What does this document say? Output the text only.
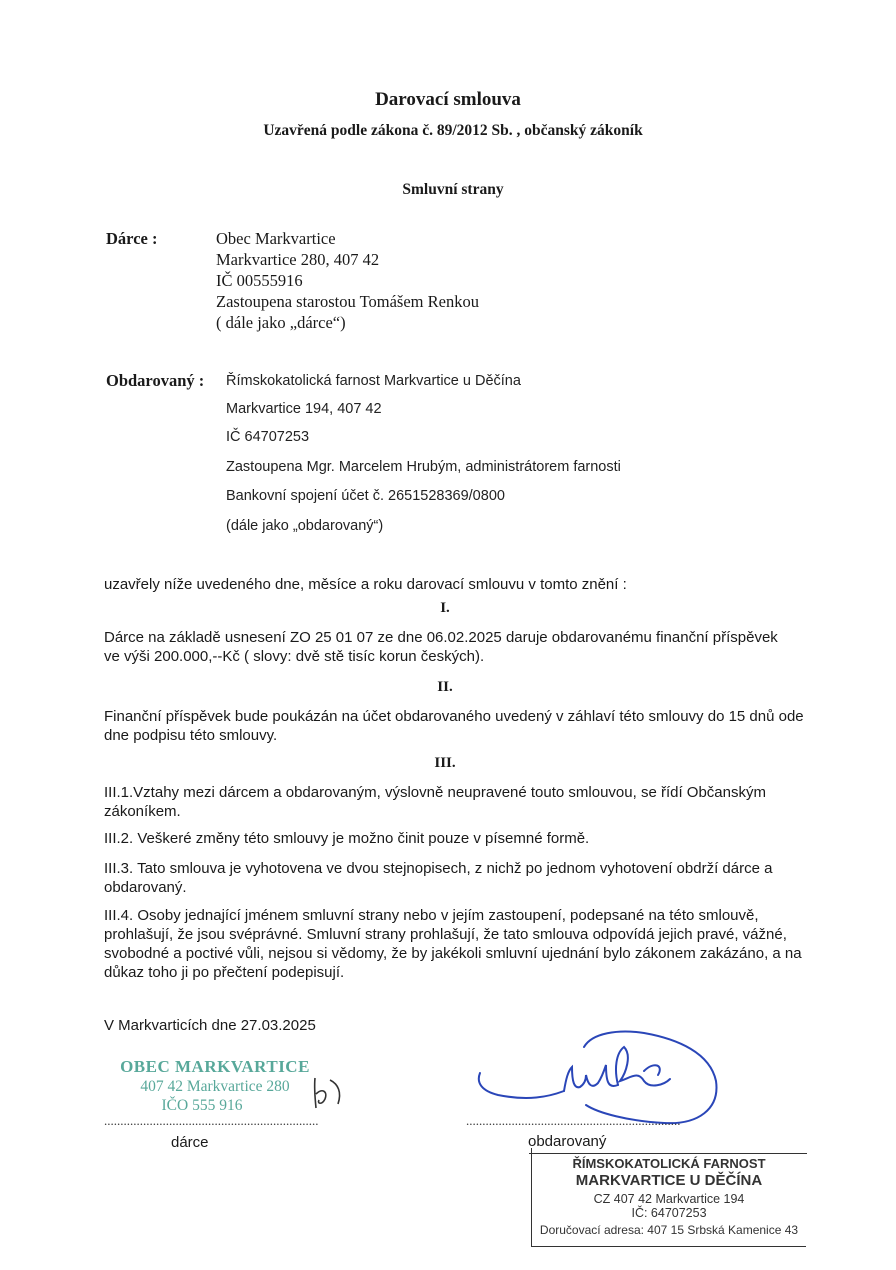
Darovací smlouva
Uzavřená podle zákona č. 89/2012 Sb. , občanský zákoník
Smluvní strany
Dárce :	Obec Markvartice
Markvartice 280, 407 42
IČ 00555916
Zastoupena starostou Tomášem Renkou
( dále jako „dárce“)
Obdarovaný : Římskokatolická farnost Markvartice u Děčína
Markvartice 194, 407 42
IČ 64707253
Zastoupena Mgr. Marcelem Hrubým, administrátorem farnosti
Bankovní spojení účet č. 2651528369/0800
(dále jako „obdarovaný“)
uzavřely níže uvedeného dne, měsíce a roku darovací smlouvu v tomto znění :
I.
Dárce na základě usnesení ZO 25 01 07 ze dne 06.02.2025 daruje obdarovanému finanční příspěvek ve výši 200.000,--Kč ( slovy: dvě stě tisíc korun českých).
II.
Finanční příspěvek bude poukázán na účet obdarovaného uvedený v záhlaví této smlouvy do 15 dnů ode dne podpisu této smlouvy.
III.
III.1.Vztahy mezi dárcem a obdarovaným, výslovně neupravené touto smlouvou, se řídí Občanským zákoníkem.
III.2. Veškeré změny této smlouvy je možno činit pouze v písemné formě.
III.3. Tato smlouva je vyhotovena ve dvou stejnopisech, z nichž po jednom vyhotovení obdrží dárce a obdarovaný.
III.4. Osoby jednající jménem smluvní strany nebo v jejím zastoupení, podepsané na této smlouvě, prohlašují, že jsou svéprávné. Smluvní strany prohlašují, že tato smlouva odpovídá jejich pravé, vážné, svobodné a poctivé vůli, nejsou si vědomy, že by jakékoli smluvní ujednání bylo zákonem zakázáno, a na důkaz toho ji po přečtení podepisují.
V Markvarticích dne 27.03.2025
OBEC MARKVARTICE
407 42 Markvartice 280
IČO 555 916
..................................................................
dárce
..................................................................
obdarovaný
ŘÍMSKOKATOLICKÁ FARNOST
MARKVARTICE U DĚČÍNA
CZ 407 42 Markvartice 194
IČ: 64707253
Doručovací adresa: 407 15 Srbská Kamenice 43
